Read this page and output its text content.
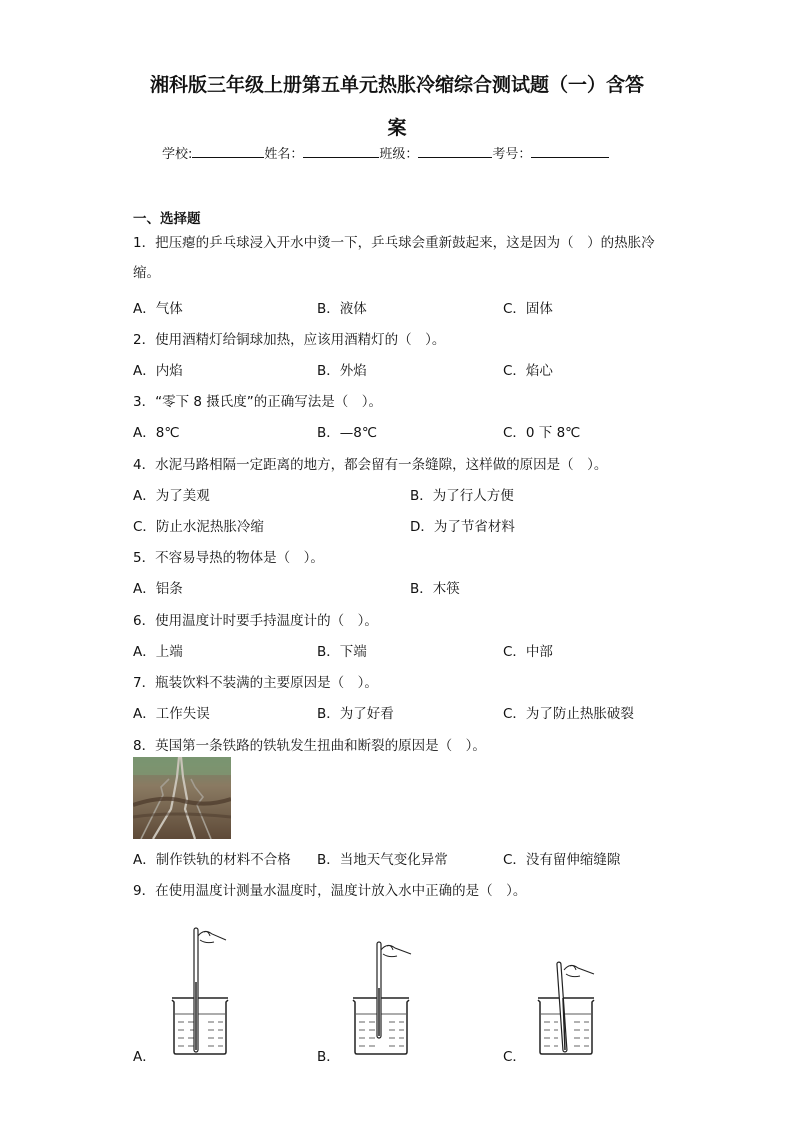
湘科版三年级上册第五单元热胀冷缩综合测试题（一）含答
案
学校:	姓名：	班级：	考号：
一、选择题
1．把压瘪的乒乓球浸入开水中烫一下，乒乓球会重新鼓起来，这是因为（　）的热胀冷缩。
A．气体	B．液体	C．固体
2．使用酒精灯给铜球加热，应该用酒精灯的（　）。
A．内焰	B．外焰	C．焰心
3．“零下 8 摄氏度”的正确写法是（　）。
A．8℃	B．—8℃	C．0 下 8℃
4．水泥马路相隔一定距离的地方，都会留有一条缝隙，这样做的原因是（　）。
A．为了美观	B．为了行人方便
C．防止水泥热胀冷缩	D．为了节省材料
5．不容易导热的物体是（　）。
A．铝条	B．木筷
6．使用温度计时要手持温度计的（　）。
A．上端	B．下端	C．中部
7．瓶装饮料不装满的主要原因是（　）。
A．工作失误	B．为了好看	C．为了防止热胀破裂
8．英国第一条铁路的铁轨发生扭曲和断裂的原因是（　）。
A．制作铁轨的材料不合格 B．当地天气变化异常	C．没有留伸缩缝隙
9．在使用温度计测量水温度时，温度计放入水中正确的是（　）。
A．	B．	C．
